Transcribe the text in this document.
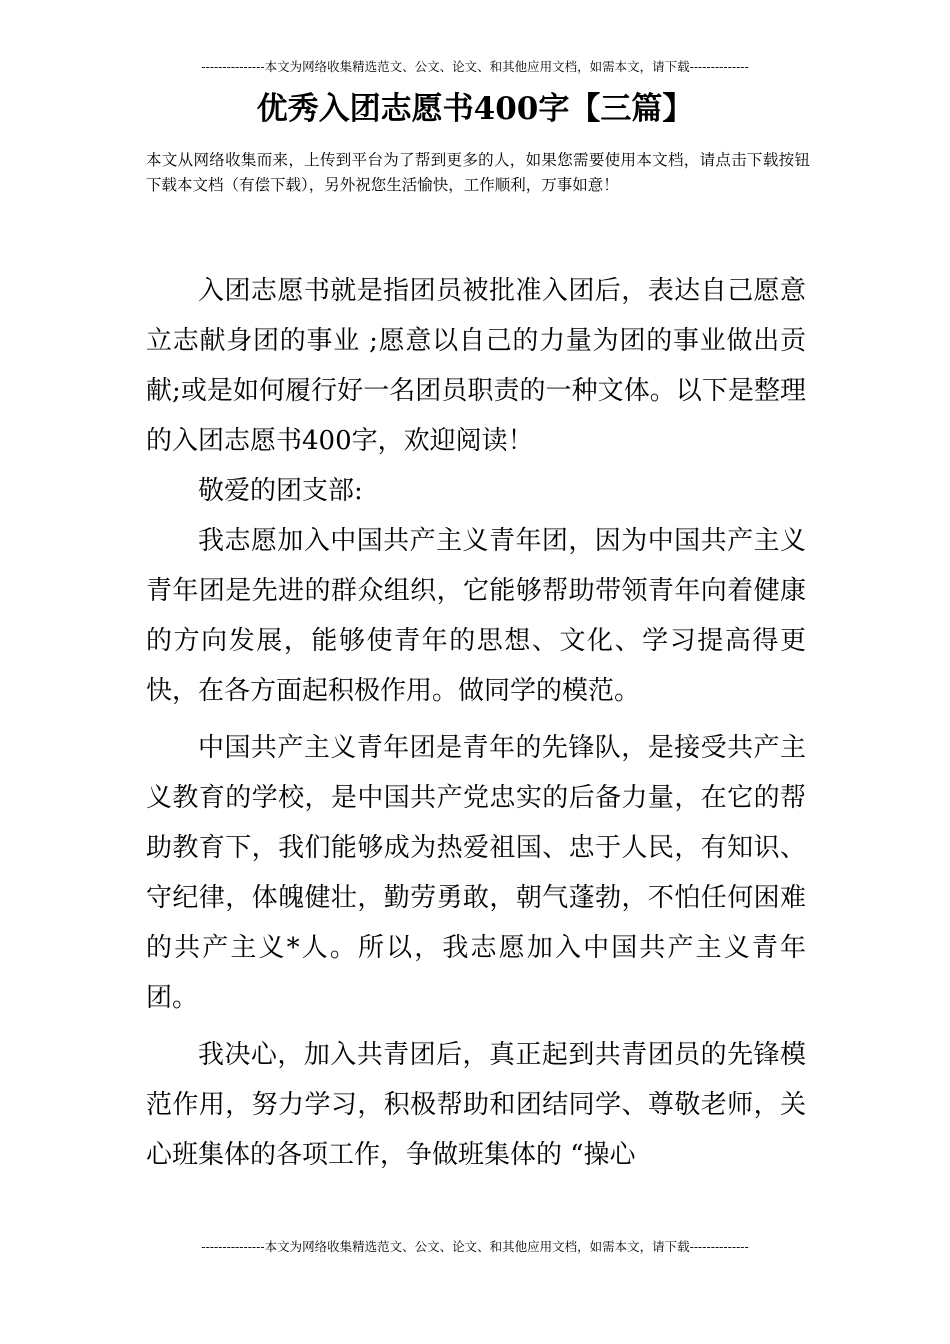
---------------本文为网络收集精选范文、公文、论文、和其他应用文档，如需本文，请下载--------------
优秀入团志愿书400字【三篇】
本文从网络收集而来，上传到平台为了帮到更多的人，如果您需要使用本文档，请点击下载按钮下载本文档（有偿下载），另外祝您生活愉快，工作顺利，万事如意！

入团志愿书就是指团员被批准入团后，表达自己愿意立志献身团的事业 ;愿意以自己的力量为团的事业做出贡献;或是如何履行好一名团员职责的一种文体。以下是整理的入团志愿书400字，欢迎阅读！

敬爱的团支部:

我志愿加入中国共产主义青年团，因为中国共产主义青年团是先进的群众组织，它能够帮助带领青年向着健康的方向发展，能够使青年的思想、文化、学习提高得更快，在各方面起积极作用。做同学的模范。

中国共产主义青年团是青年的先锋队，是接受共产主义教育的学校，是中国共产党忠实的后备力量，在它的帮助教育下，我们能够成为热爱祖国、忠于人民，有知识、守纪律，体魄健壮，勤劳勇敢，朝气蓬勃，不怕任何困难的共产主义*人。所以，我志愿加入中国共产主义青年团。

我决心，加入共青团后，真正起到共青团员的先锋模范作用，努力学习，积极帮助和团结同学、尊敬老师，关心班集体的各项工作，争做班集体的 “操心

---------------本文为网络收集精选范文、公文、论文、和其他应用文档，如需本文，请下载--------------
